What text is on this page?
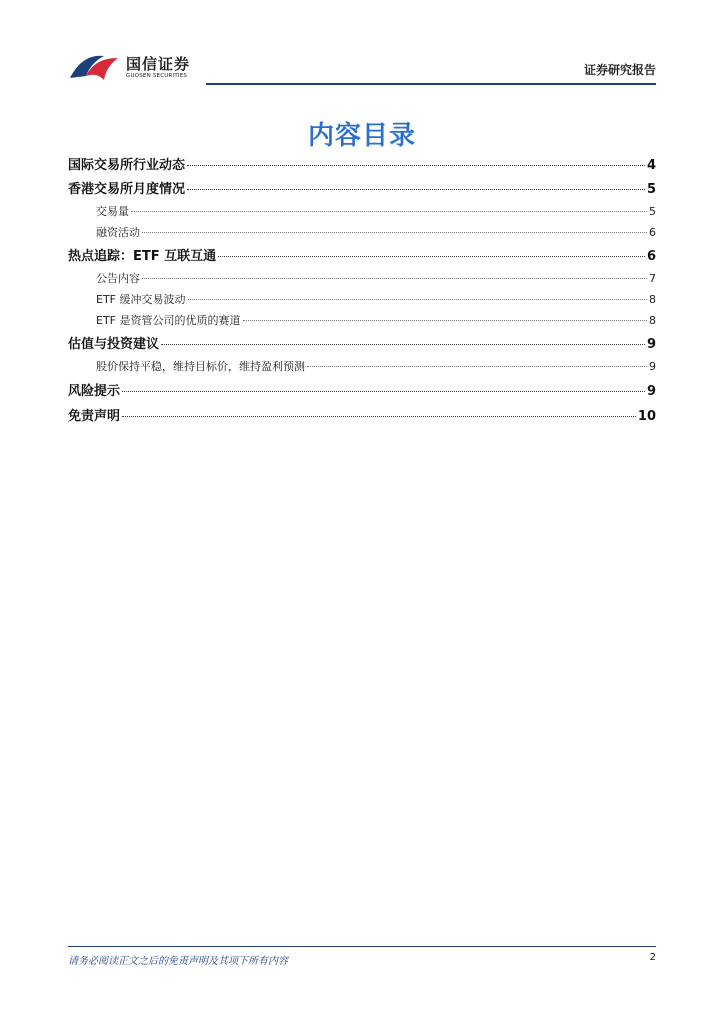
国信证券
GUOSEN SECURITIES	证券研究报告
内容目录
国际交易所行业动态	4
香港交易所月度情况	5
交易量	5
融资活动	6
热点追踪：ETF 互联互通	6
公告内容	7
ETF 缓冲交易波动	8
ETF 是资管公司的优质的赛道	8
估值与投资建议	9
股价保持平稳，维持目标价，维持盈利预测	9
风险提示	9
免责声明	10
请务必阅读正文之后的免责声明及其项下所有内容	2
